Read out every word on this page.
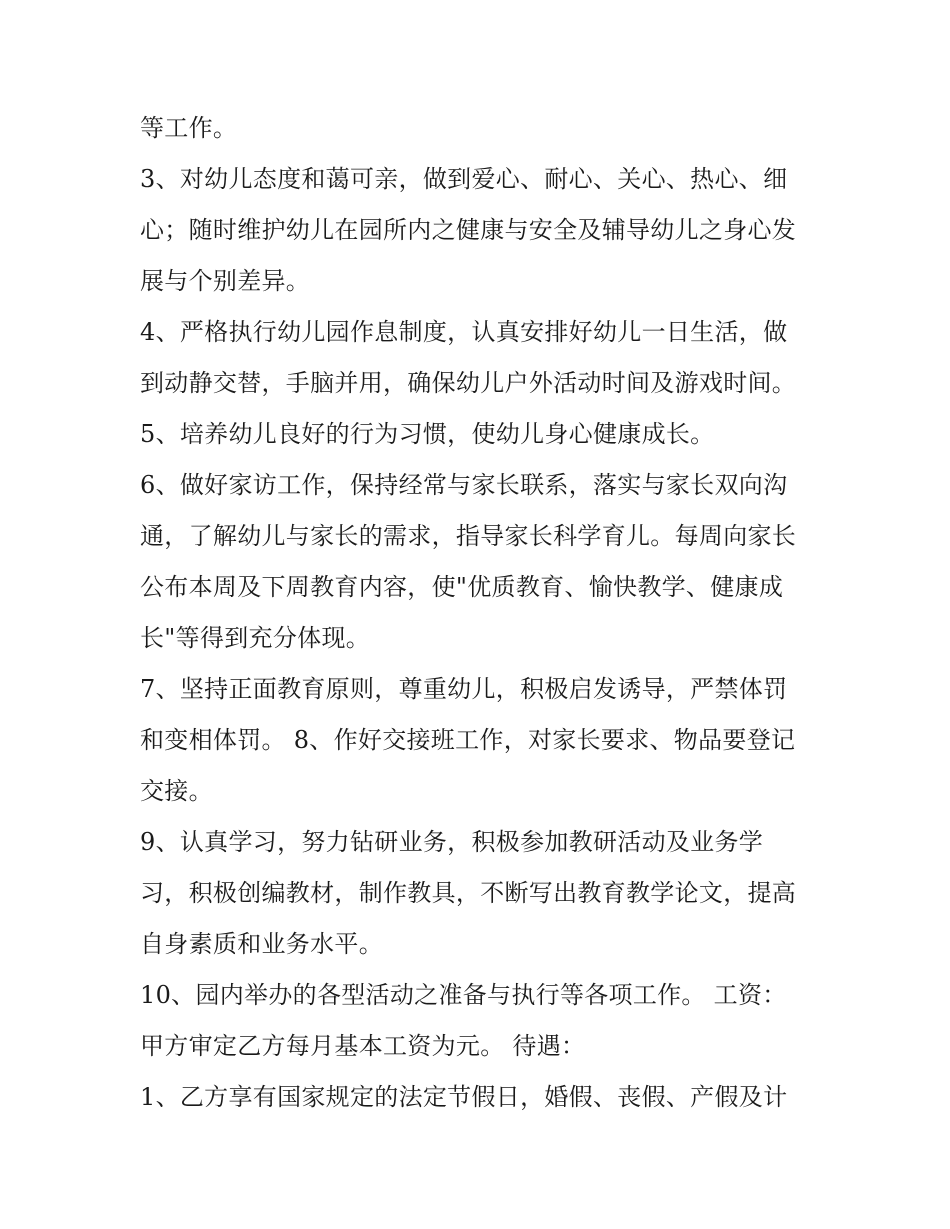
等工作。
3、对幼儿态度和蔼可亲，做到爱心、耐心、关心、热心、细
心；随时维护幼儿在园所内之健康与安全及辅导幼儿之身心发
展与个别差异。
4、严格执行幼儿园作息制度，认真安排好幼儿一日生活，做
到动静交替，手脑并用，确保幼儿户外活动时间及游戏时间。
5、培养幼儿良好的行为习惯，使幼儿身心健康成长。
6、做好家访工作，保持经常与家长联系，落实与家长双向沟
通，了解幼儿与家长的需求，指导家长科学育儿。每周向家长
公布本周及下周教育内容，使"优质教育、愉快教学、健康成
长"等得到充分体现。
7、坚持正面教育原则，尊重幼儿，积极启发诱导，严禁体罚
和变相体罚。 8、作好交接班工作，对家长要求、物品要登记
交接。
9、认真学习，努力钻研业务，积极参加教研活动及业务学
习，积极创编教材，制作教具，不断写出教育教学论文，提高
自身素质和业务水平。
10、园内举办的各型活动之准备与执行等各项工作。 工资：
甲方审定乙方每月基本工资为元。 待遇：
1、乙方享有国家规定的法定节假日，婚假、丧假、产假及计
